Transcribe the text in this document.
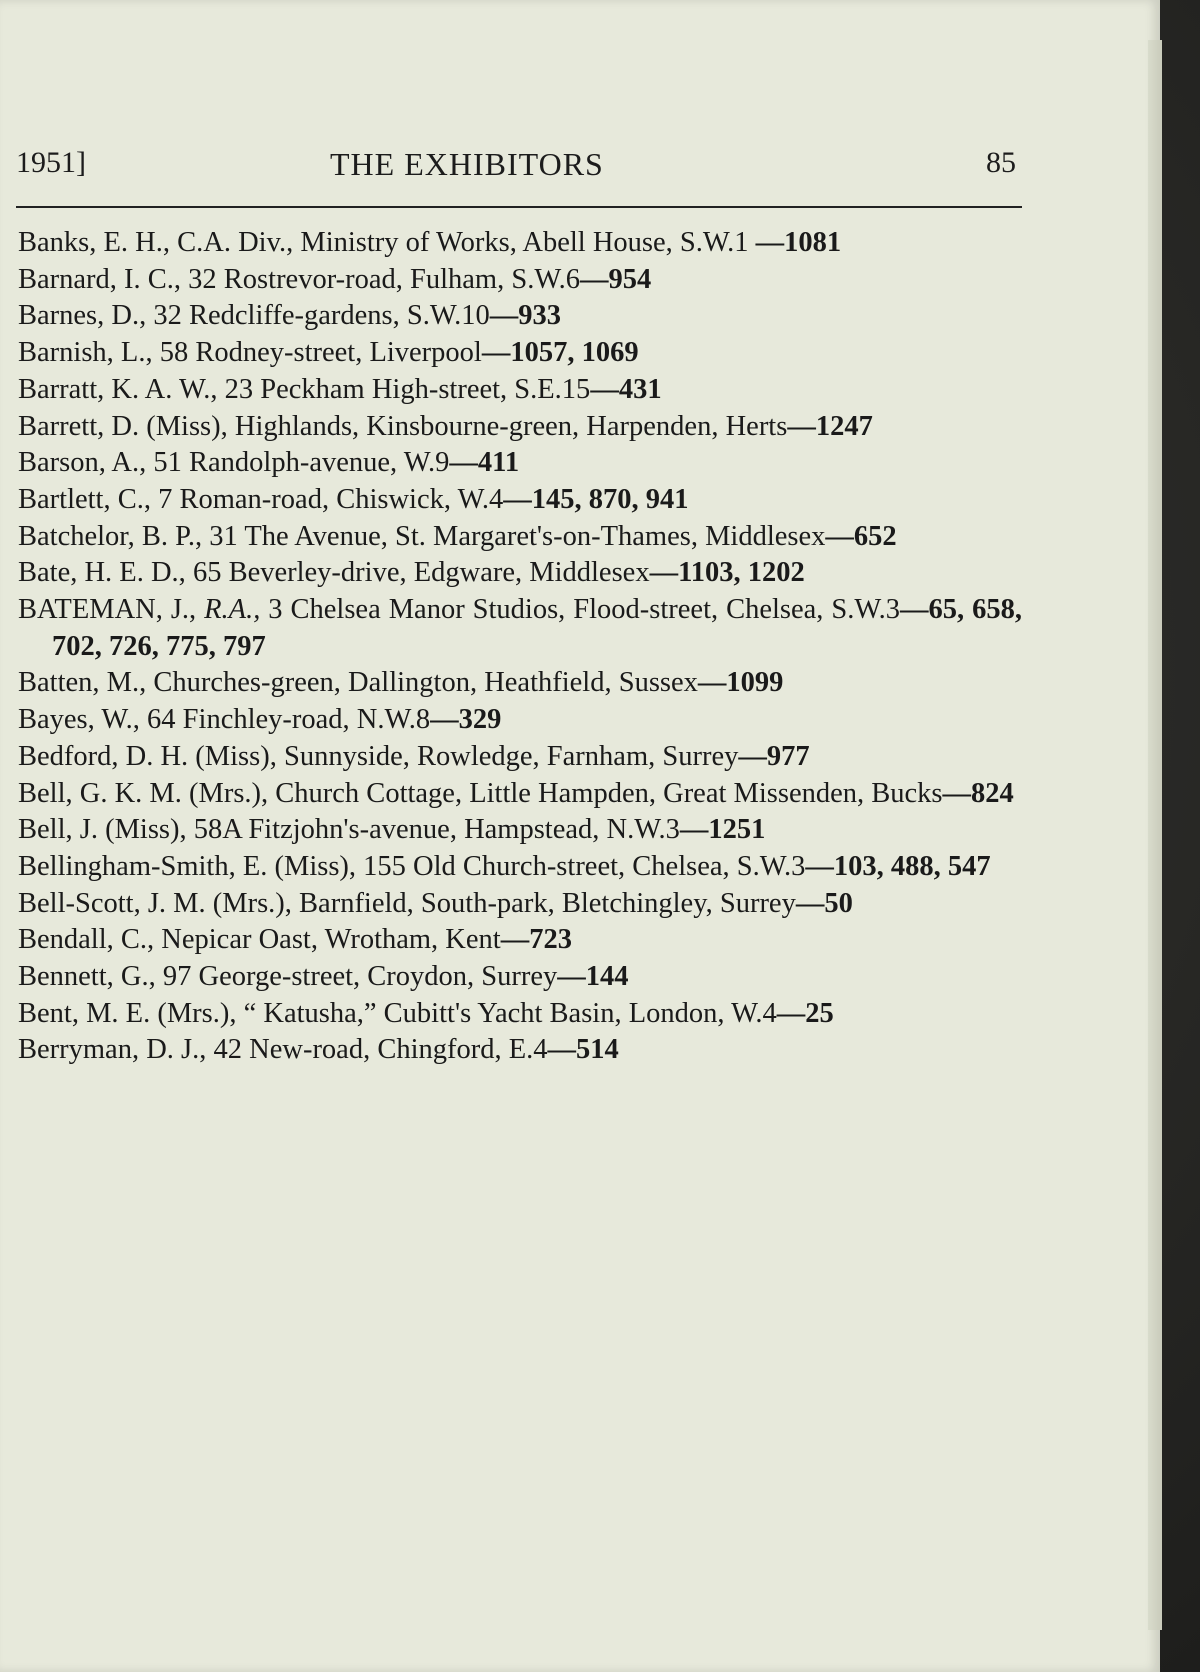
1951]	THE EXHIBITORS	85

Banks, E. H., C.A. Div., Ministry of Works, Abell House, S.W.1 —1081

Barnard, I. C., 32 Rostrevor-road, Fulham, S.W.6—954

Barnes, D., 32 Redcliffe-gardens, S.W.10—933

Barnish, L., 58 Rodney-street, Liverpool—1057, 1069

Barratt, K. A. W., 23 Peckham High-street, S.E.15—431

Barrett, D. (Miss), Highlands, Kinsbourne-green, Harpenden, Herts—1247

Barson, A., 51 Randolph-avenue, W.9—411

Bartlett, C., 7 Roman-road, Chiswick, W.4—145, 870, 941

Batchelor, B. P., 31 The Avenue, St. Margaret's-on-Thames, Middlesex—652

Bate, H. E. D., 65 Beverley-drive, Edgware, Middlesex—1103, 1202

BATEMAN, J., R.A., 3 Chelsea Manor Studios, Flood-street, Chelsea, S.W.3—65, 658, 702, 726, 775, 797

Batten, M., Churches-green, Dallington, Heathfield, Sussex—1099

Bayes, W., 64 Finchley-road, N.W.8—329

Bedford, D. H. (Miss), Sunnyside, Rowledge, Farnham, Surrey—977

Bell, G. K. M. (Mrs.), Church Cottage, Little Hampden, Great Missenden, Bucks—824

Bell, J. (Miss), 58A Fitzjohn's-avenue, Hampstead, N.W.3—1251

Bellingham-Smith, E. (Miss), 155 Old Church-street, Chelsea, S.W.3—103, 488, 547

Bell-Scott, J. M. (Mrs.), Barnfield, South-park, Bletchingley, Surrey—50

Bendall, C., Nepicar Oast, Wrotham, Kent—723

Bennett, G., 97 George-street, Croydon, Surrey—144

Bent, M. E. (Mrs.), “ Katusha,” Cubitt's Yacht Basin, London, W.4—25

Berryman, D. J., 42 New-road, Chingford, E.4—514
